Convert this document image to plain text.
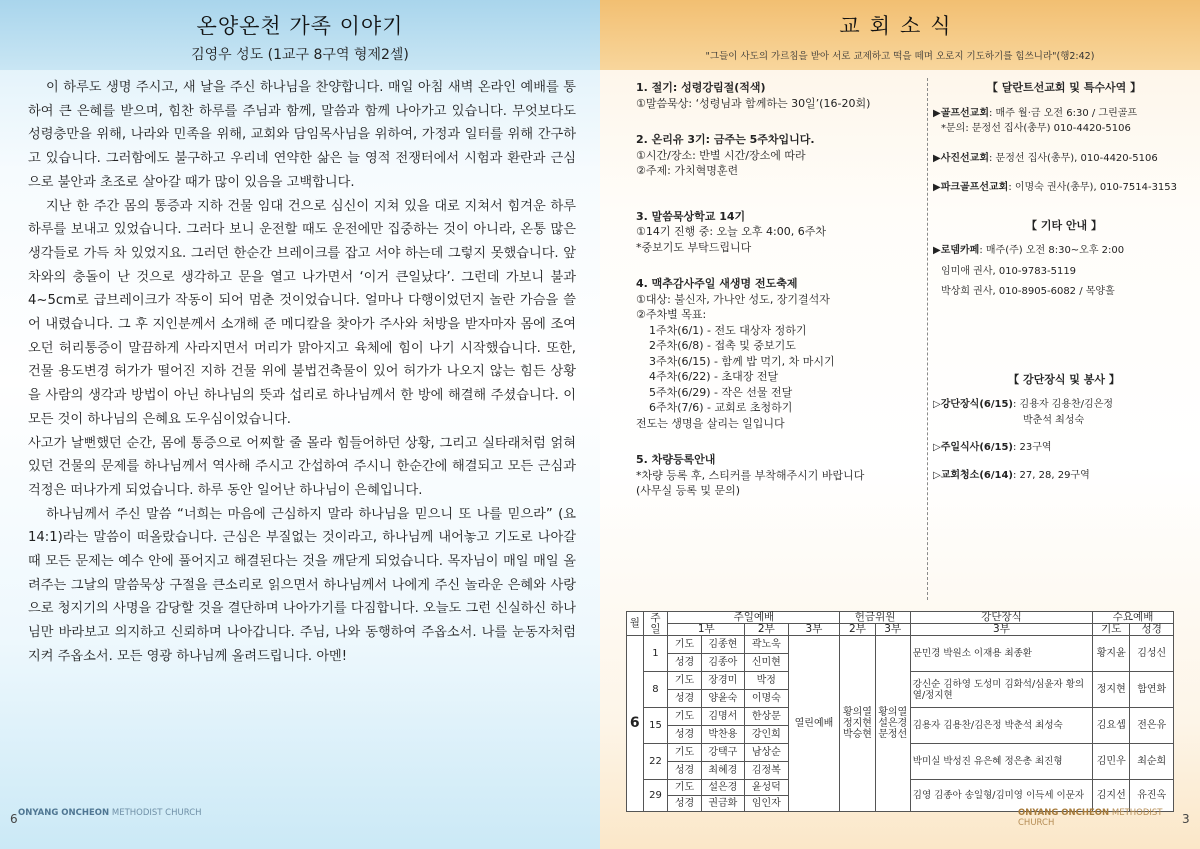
온양온천 가족 이야기
김영우 성도 (1교구 8구역 형제2셀)

이 하루도 생명 주시고, 새 날을 주신 하나님을 찬양합니다. 매일 아침 새벽 온라인 예배를 통하여 큰 은혜를 받으며, 힘찬 하루를 주님과 함께, 말씀과 함께 나아가고 있습니다. 무엇보다도 성령충만을 위해, 나라와 민족을 위해, 교회와 담임목사님을 위하여, 가정과 일터를 위해 간구하고 있습니다. 그러함에도 불구하고 우리네 연약한 삶은 늘 영적 전쟁터에서 시험과 환란과 근심으로 불안과 초조로 살아갈 때가 많이 있음을 고백합니다.

지난 한 주간 몸의 통증과 지하 건물 임대 건으로 심신이 지쳐 있을 대로 지쳐서 힘겨운 하루하루를 보내고 있었습니다. 그러다 보니 운전할 때도 운전에만 집중하는 것이 아니라, 온통 많은 생각들로 가득 차 있었지요. 그러던 한순간 브레이크를 잡고 서야 하는데 그렇지 못했습니다. 앞차와의 충돌이 난 것으로 생각하고 문을 열고 나가면서 ‘이거 큰일났다’. 그런데 가보니 불과 4~5cm로 급브레이크가 작동이 되어 멈춘 것이었습니다. 얼마나 다행이었던지 놀란 가슴을 쓸어 내렸습니다. 그 후 지인분께서 소개해 준 메디칼을 찾아가 주사와 처방을 받자마자 몸에 조여오던 허리통증이 말끔하게 사라지면서 머리가 맑아지고 육체에 힘이 나기 시작했습니다. 또한, 건물 용도변경 허가가 떨어진 지하 건물 위에 불법건축물이 있어 허가가 나오지 않는 힘든 상황을 사람의 생각과 방법이 아닌 하나님의 뜻과 섭리로 하나님께서 한 방에 해결해 주셨습니다. 이 모든 것이 하나님의 은혜요 도우심이었습니다.

사고가 날뻔했던 순간, 몸에 통증으로 어찌할 줄 몰라 힘들어하던 상황, 그리고 실타래처럼 얽혀있던 건물의 문제를 하나님께서 역사해 주시고 간섭하여 주시니 한순간에 해결되고 모든 근심과 걱정은 떠나가게 되었습니다. 하루 동안 일어난 하나님이 은혜입니다.

하나님께서 주신 말씀 “너희는 마음에 근심하지 말라 하나님을 믿으니 또 나를 믿으라” (요14:1)라는 말씀이 떠올랐습니다. 근심은 부질없는 것이라고, 하나님께 내어놓고 기도로 나아갈 때 모든 문제는 예수 안에 풀어지고 해결된다는 것을 깨닫게 되었습니다. 목자님이 매일 매일 올려주는 그날의 말씀묵상 구절을 큰소리로 읽으면서 하나님께서 나에게 주신 놀라운 은혜와 사랑으로 청지기의 사명을 감당할 것을 결단하며 나아가기를 다짐합니다. 오늘도 그런 신실하신 하나님만 바라보고 의지하고 신뢰하며 나아갑니다. 주님, 나와 동행하여 주옵소서. 나를 눈동자처럼 지켜 주옵소서. 모든 영광 하나님께 올려드립니다. 아멘!

6 ONYANG ONCHEON METHODIST CHURCH
교회소식
"그들이 사도의 가르침을 받아 서로 교제하고 떡을 떼며 오로지 기도하기를 힘쓰니라"(행2:42)
1. 절기: 성령강림절(적색)
①말씀묵상: ‘성령님과 함께하는 30일’(16-20회)
2. 온리유 3기: 금주는 5주차입니다.
①시간/장소: 반별 시간/장소에 따라
②주제: 가치혁명훈련
3. 말씀묵상학교 14기
①14기 진행 중: 오늘 오후 4:00, 6주차
*중보기도 부탁드립니다
4. 맥추감사주일 새생명 전도축제
①대상: 불신자, 가나안 성도, 장기결석자
②주차별 목표:
1주차(6/1) - 전도 대상자 정하기
2주차(6/8) - 접촉 및 중보기도
3주차(6/15) - 함께 밥 먹기, 차 마시기
4주차(6/22) - 초대장 전달
5주차(6/29) - 작은 선물 전달
6주차(7/6) - 교회로 초청하기
전도는 생명을 살리는 일입니다
5. 차량등록안내
*차량 등록 후, 스티커를 부착해주시기 바랍니다
(사무실 등록 및 문의)
【 달란트선교회 및 특수사역 】
▶골프선교회: 매주 월·금 오전 6:30 / 그린골프
*문의: 문정선 집사(총무) 010-4420-5106
▶사진선교회: 문정선 집사(총무), 010-4420-5106
▶파크골프선교회: 이명숙 권사(총무), 010-7514-3153
【 기타 안내 】
▶로뎀카페: 매주(주) 오전 8:30~오후 2:00
임미애 권사, 010-9783-5119
박상희 권사, 010-8905-6082 / 목양홀
【 강단장식 및 봉사 】
▷강단장식(6/15): 김용자 김용찬/김은정
박춘석 최성숙
▷주일식사(6/15): 23구역
▷교회청소(6/14): 27, 28, 29구역
월	주일	주일예배				헌금위원		강단장식	수요예배	
		1부		2부	3부	2부	3부	3부	기도	성경
6	1	기도	김종현	곽노욱	열린예배	황의열 정지현 박승현	황의열 설은경 문정선	문민경 박원소 이재용 최종환	황지윤	김성신
		성경	김종아	신미현						
	8	기도	장경미	박정				강신순 김하영 도성미 김화석/심윤자 황의열/정지현	정지현	함연화
		성경	양윤숙	이명숙						
	15	기도	김명서	한상문				김용자 김용찬/김은정 박춘석 최성숙	김요셉	전은유
		성경	박찬용	강인희						
	22	기도	강택구	남상순				박미실 박성진 유은혜 정은총 최진형	김민우	최순희
		성경	최혜경	김정복						
	29	기도	설은경	윤성덕				김영 김종아 송일형/김미영 이득세 이문자	김지선	유진옥
		성경	권금화	임인자						
ONYANG ONCHEON METHODIST CHURCH	3
